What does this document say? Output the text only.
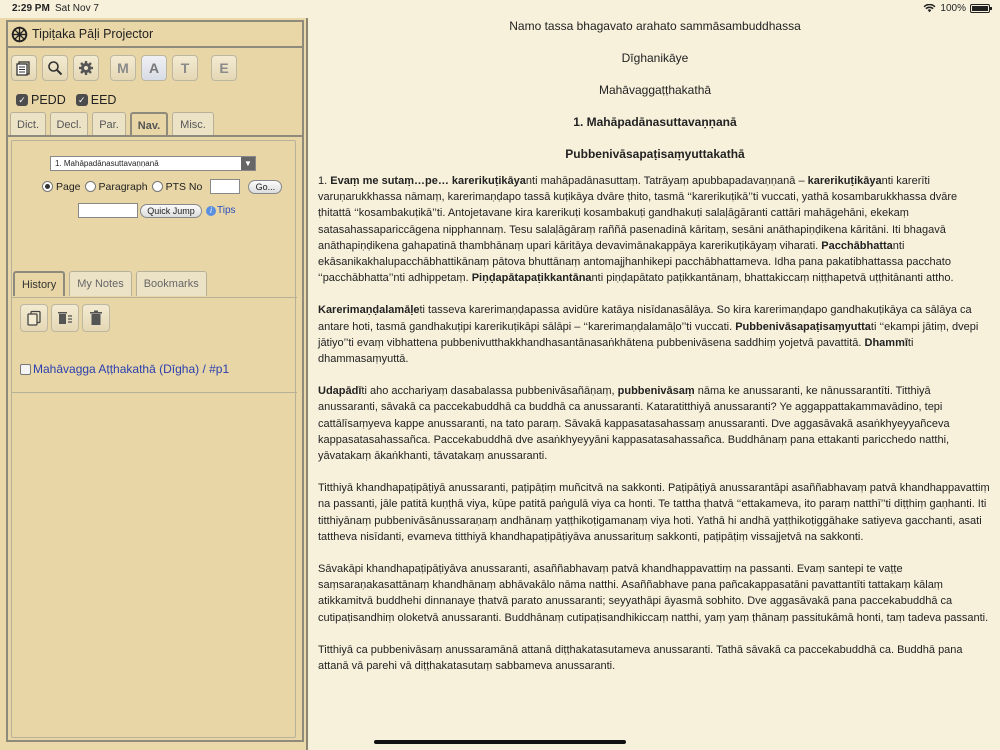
2:29 PM Sat Nov 7	100%
Tipiṭaka Pāḷi Projector
M	A	T	E
✓ PEDD ✓ EED
Dict.	Decl.	Par.	Nav.	Misc.
1. Mahāpadānasuttavaṇṇanā	▼
Page Paragraph PTS No	Go...
Quick Jump	i Tips
History	My Notes	Bookmarks
Mahāvagga Aṭṭhakathā (Dīgha) / #p1
Namo tassa bhagavato arahato sammāsambuddhassa
Dīghanikāye
Mahāvaggaṭṭhakathā
1. Mahāpadānasuttavaṇṇanā
Pubbenivāsapaṭisaṃyuttakathā

1. Evaṃ me sutaṃ…pe… karerikuṭikāyanti mahāpadānasuttaṃ. Tatrāyaṃ apubbapadavaṇṇanā – karerikuṭikāyanti karerīti varuṇarukkhassa nāmaṃ, karerimaṇḍapo tassā kuṭikāya dvāre ṭhito, tasmā ‘‘karerikuṭikā’’ti vuccati, yathā kosambarukkhassa dvāre ṭhitattā ‘‘kosambakuṭikā’’ti. Antojetavane kira karerikuṭi kosambakuṭi gandhakuṭi salaḷāgāranti cattāri mahāgehāni, ekekaṃ satasahassapariccāgena nipphannaṃ. Tesu salaḷāgāraṃ raññā pasenadinā kāritaṃ, sesāni anāthapiṇḍikena kāritāni. Iti bhagavā anāthapiṇḍikena gahapatinā thambhānaṃ upari kāritāya devavimānakappāya karerikuṭikāyaṃ viharati. Pacchābhattanti ekāsanikakhalupacchābhattikānaṃ pātova bhuttānaṃ antomajjhanhikepi pacchābhattameva. Idha pana pakatibhattassa pacchato ‘‘pacchābhatta’’nti adhippetaṃ. Piṇḍapātapaṭikkantānanti piṇḍapātato paṭikkantānaṃ, bhattakiccaṃ niṭṭhapetvā uṭṭhitānanti attho.

Karerimaṇḍalamāḷeti tasseva karerimaṇḍapassa avidūre katāya nisīdanasālāya. So kira karerimaṇḍapo gandhakuṭikāya ca sālāya ca antare hoti, tasmā gandhakuṭipi karerikuṭikāpi sālāpi – ‘‘karerimaṇḍalamāḷo’’ti vuccati. Pubbenivāsapaṭisaṃyuttati ‘‘ekampi jātiṃ, dvepi jātiyo’’ti evaṃ vibhattena pubbenivutthakkhandhasantānasaṅkhātena pubbenivāsena saddhiṃ yojetvā pavattitā. Dhammīti dhammasaṃyuttā.

Udapādīti aho acchariyaṃ dasabalassa pubbenivāsañāṇaṃ, pubbenivāsaṃ nāma ke anussaranti, ke nānussarantīti. Titthiyā anussaranti, sāvakā ca paccekabuddhā ca buddhā ca anussaranti. Kataratitthiyā anussaranti? Ye aggappattakammavādino, tepi cattālīsaṃyeva kappe anussaranti, na tato paraṃ. Sāvakā kappasatasahassaṃ anussaranti. Dve aggasāvakā asaṅkhyeyyañceva kappasatasahassañca. Paccekabuddhā dve asaṅkhyeyyāni kappasatasahassañca. Buddhānaṃ pana ettakanti paricchedo natthi, yāvatakaṃ ākaṅkhanti, tāvatakaṃ anussaranti.

Titthiyā khandhapaṭipāṭiyā anussaranti, paṭipāṭiṃ muñcitvā na sakkonti. Paṭipāṭiyā anussarantāpi asaññabhavaṃ patvā khandhappavattiṃ na passanti, jāle patitā kuṇṭhā viya, kūpe patitā paṅgulā viya ca honti. Te tattha ṭhatvā ‘‘ettakameva, ito paraṃ natthī’’ti diṭṭhiṃ gaṇhanti. Iti titthiyānaṃ pubbenivāsānussaraṇaṃ andhānaṃ yaṭṭhikoṭigamanaṃ viya hoti. Yathā hi andhā yaṭṭhikoṭiggāhake satiyeva gacchanti, asati tattheva nisīdanti, evameva titthiyā khandhapaṭipāṭiyāva anussarituṃ sakkonti, paṭipāṭiṃ vissajjetvā na sakkonti.

Sāvakāpi khandhapaṭipāṭiyāva anussaranti, asaññabhavaṃ patvā khandhappavattiṃ na passanti. Evaṃ santepi te vaṭṭe saṃsaraṇakasattānaṃ khandhānaṃ abhāvakālo nāma natthi. Asaññabhave pana pañcakappasatāni pavattantīti tattakaṃ kālaṃ atikkamitvā buddhehi dinnanaye ṭhatvā parato anussaranti; seyyathāpi āyasmā sobhito. Dve aggasāvakā pana paccekabuddhā ca cutipaṭisandhiṃ oloketvā anussaranti. Buddhānaṃ cutipaṭisandhikiccaṃ natthi, yaṃ yaṃ ṭhānaṃ passitukāmā honti, taṃ tadeva passanti.

Titthiyā ca pubbenivāsaṃ anussaramānā attanā diṭṭhakatasutameva anussaranti. Tathā sāvakā ca paccekabuddhā ca. Buddhā pana attanā vā parehi vā diṭṭhakatasutaṃ sabbameva anussaranti.
